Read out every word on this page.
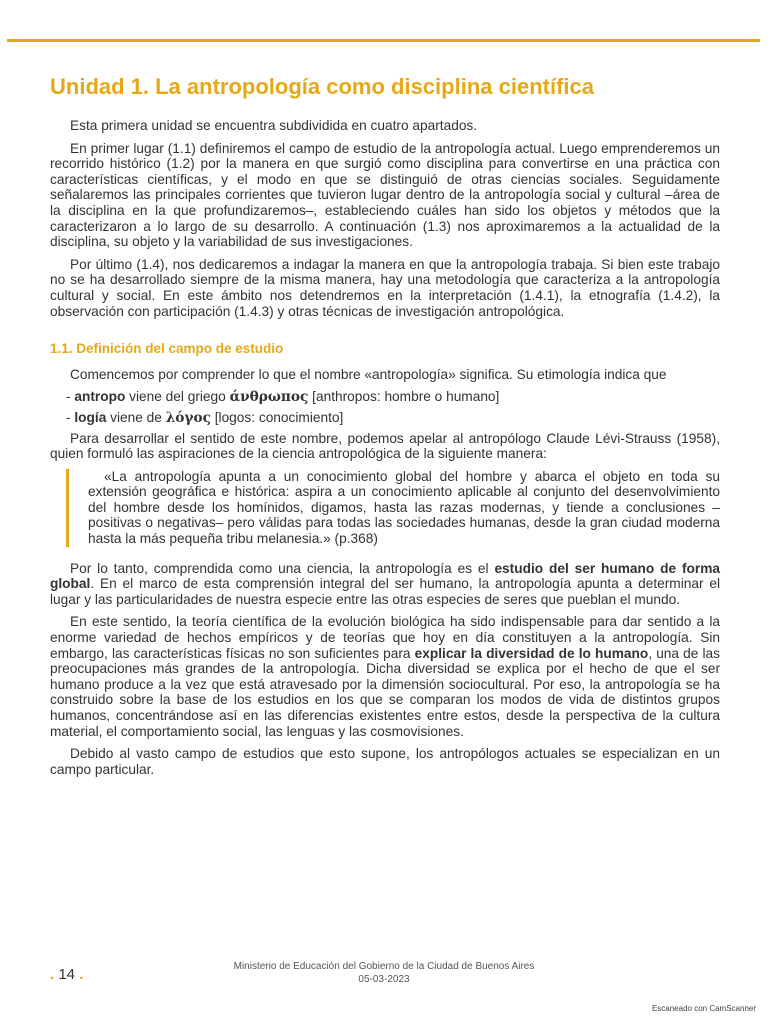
Unidad 1. La antropología como disciplina científica

Esta primera unidad se encuentra subdividida en cuatro apartados.

En primer lugar (1.1) definiremos el campo de estudio de la antropología actual. Luego emprenderemos un recorrido histórico (1.2) por la manera en que surgió como disciplina para convertirse en una práctica con características científicas, y el modo en que se distinguió de otras ciencias sociales. Seguidamente señalaremos las principales corrientes que tuvieron lugar dentro de la antropología social y cultural –área de la disciplina en la que profundizaremos–, estableciendo cuáles han sido los objetos y métodos que la caracterizaron a lo largo de su desarrollo. A continuación (1.3) nos aproximaremos a la actualidad de la disciplina, su objeto y la variabilidad de sus investigaciones.

Por último (1.4), nos dedicaremos a indagar la manera en que la antropología trabaja. Si bien este trabajo no se ha desarrollado siempre de la misma manera, hay una metodología que caracteriza a la antropología cultural y social. En este ámbito nos detendremos en la interpretación (1.4.1), la etnografía (1.4.2), la observación con participación (1.4.3) y otras técnicas de investigación antropológica.

1.1. Definición del campo de estudio

Comencemos por comprender lo que el nombre «antropología» significa. Su etimología indica que

- antropo viene del griego άνθρωπος [anthropos: hombre o humano]
- logía viene de λόγος [logos: conocimiento]

Para desarrollar el sentido de este nombre, podemos apelar al antropólogo Claude Lévi-Strauss (1958), quien formuló las aspiraciones de la ciencia antropológica de la siguiente manera:

«La antropología apunta a un conocimiento global del hombre y abarca el objeto en toda su extensión geográfica e histórica: aspira a un conocimiento aplicable al conjunto del desenvolvimiento del hombre desde los homínidos, digamos, hasta las razas modernas, y tiende a conclusiones –positivas o negativas– pero válidas para todas las sociedades humanas, desde la gran ciudad moderna hasta la más pequeña tribu melanesia.» (p.368)

Por lo tanto, comprendida como una ciencia, la antropología es el estudio del ser humano de forma global. En el marco de esta comprensión integral del ser humano, la antropología apunta a determinar el lugar y las particularidades de nuestra especie entre las otras especies de seres que pueblan el mundo.

En este sentido, la teoría científica de la evolución biológica ha sido indispensable para dar sentido a la enorme variedad de hechos empíricos y de teorías que hoy en día constituyen a la antropología. Sin embargo, las características físicas no son suficientes para explicar la diversidad de lo humano, una de las preocupaciones más grandes de la antropología. Dicha diversidad se explica por el hecho de que el ser humano produce a la vez que está atravesado por la dimensión sociocultural. Por eso, la antropología se ha construido sobre la base de los estudios en los que se comparan los modos de vida de distintos grupos humanos, concentrándose así en las diferencias existentes entre estos, desde la perspectiva de la cultura material, el comportamiento social, las lenguas y las cosmovisiones.

Debido al vasto campo de estudios que esto supone, los antropólogos actuales se especializan en un campo particular.

. 14 .	Ministerio de Educación del Gobierno de la Ciudad de Buenos Aires
05-03-2023
Escaneado con CamScanner
